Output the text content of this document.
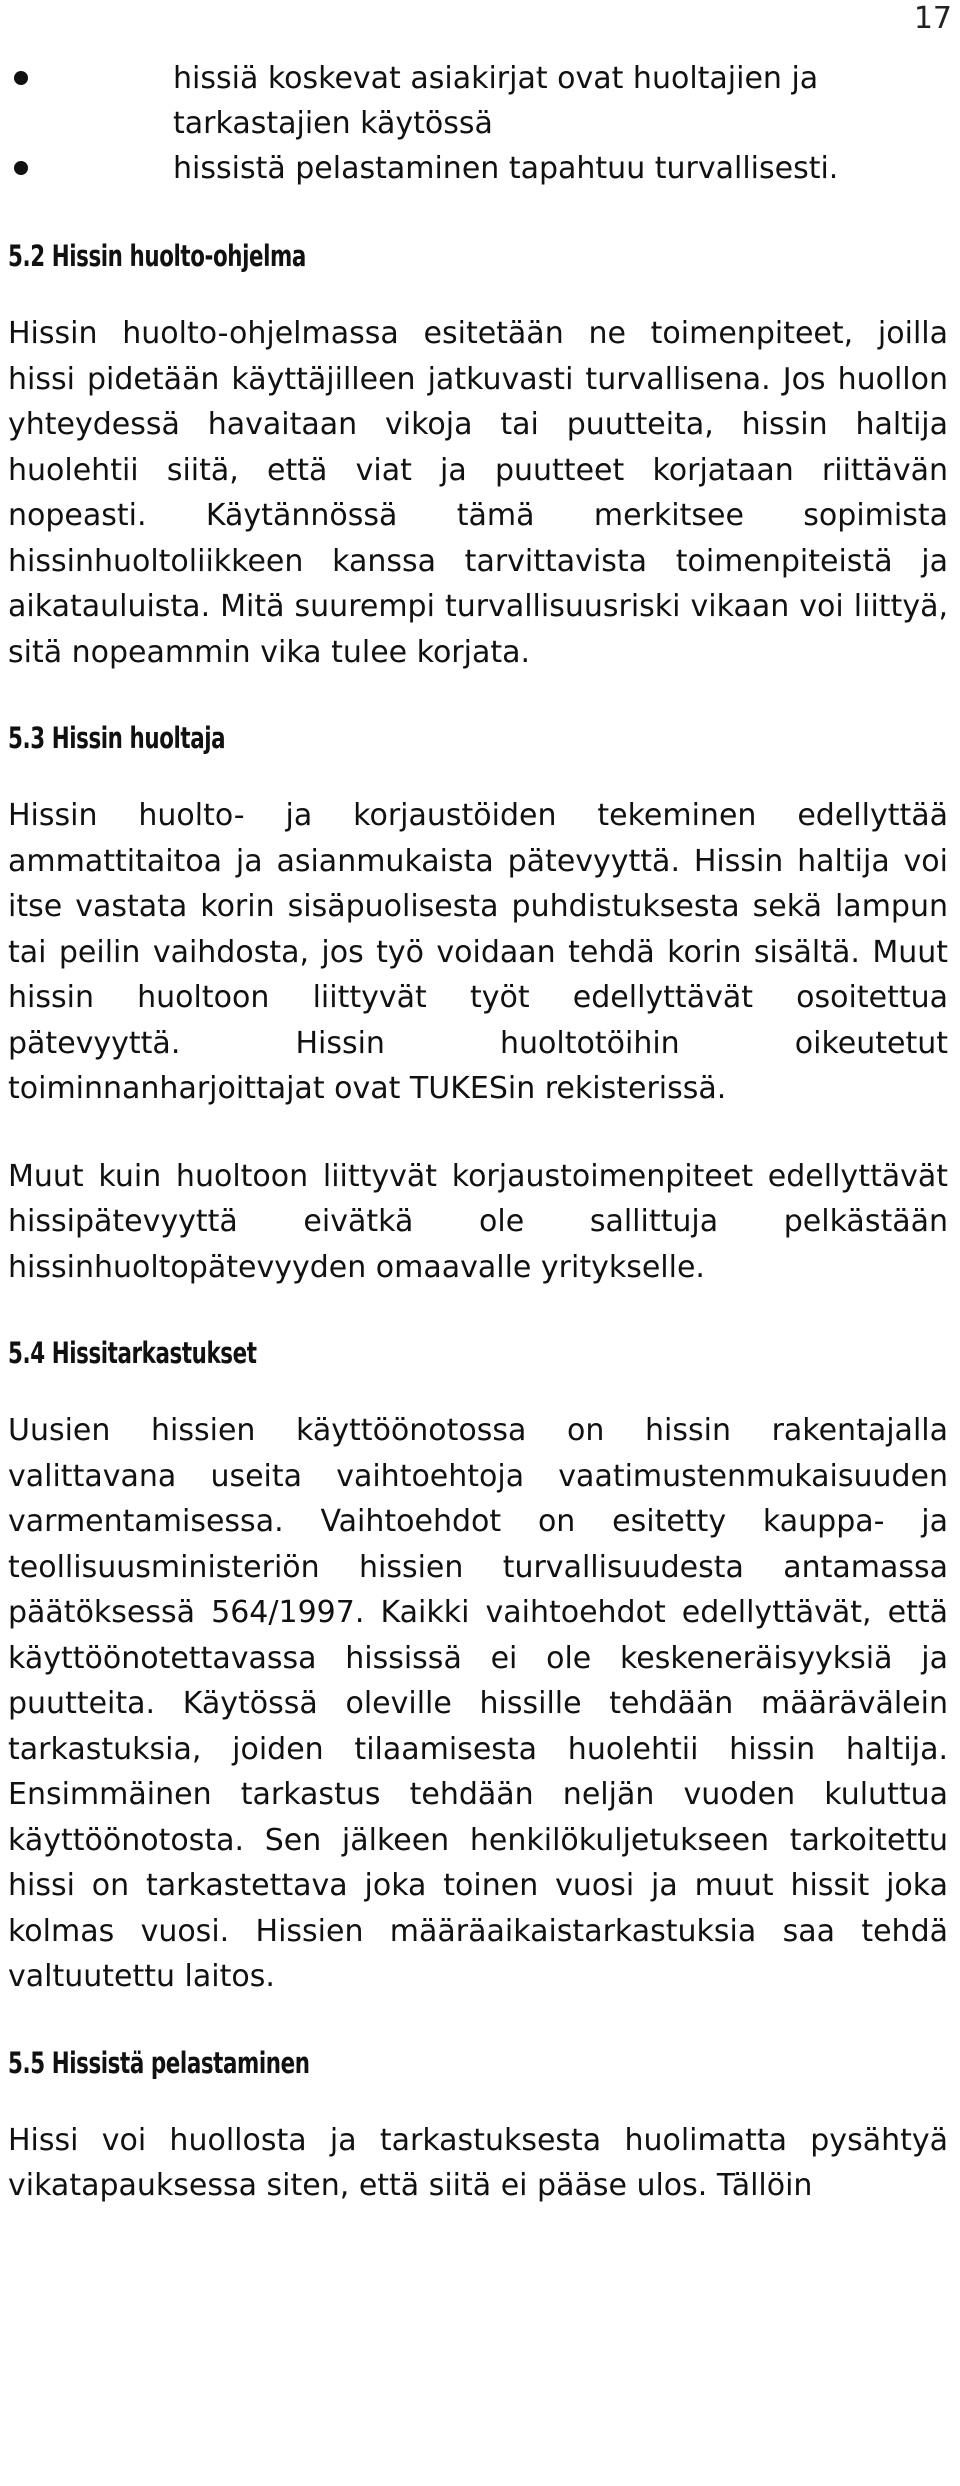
17

hissiä koskevat asiakirjat ovat huoltajien ja tarkastajien käytössä
hissistä pelastaminen tapahtuu turvallisesti.
5.2 Hissin huolto-ohjelma

Hissin huolto-ohjelmassa esitetään ne toimenpiteet, joilla hissi pidetään käyttäjilleen jatkuvasti turvallisena. Jos huollon yhteydessä havaitaan vikoja tai puutteita, hissin haltija huolehtii siitä, että viat ja puutteet korjataan riittävän nopeasti. Käytännössä tämä merkitsee sopimista hissinhuoltoliikkeen kanssa tarvittavista toimenpiteistä ja aikatauluista. Mitä suurempi turvallisuusriski vikaan voi liittyä, sitä nopeammin vika tulee korjata.

5.3 Hissin huoltaja

Hissin huolto- ja korjaustöiden tekeminen edellyttää ammattitaitoa ja asianmukaista pätevyyttä. Hissin haltija voi itse vastata korin sisäpuolisesta puhdistuksesta sekä lampun tai peilin vaihdosta, jos työ voidaan tehdä korin sisältä. Muut hissin huoltoon liittyvät työt edellyttävät osoitettua pätevyyttä. Hissin huoltotöihin oikeutetut toiminnanharjoittajat ovat TUKESin rekisterissä.

Muut kuin huoltoon liittyvät korjaustoimenpiteet edellyttävät hissipätevyyttä eivätkä ole sallittuja pelkästään hissinhuoltopätevyyden omaavalle yritykselle.

5.4 Hissitarkastukset

Uusien hissien käyttöönotossa on hissin rakentajalla valittavana useita vaihtoehtoja vaatimustenmukaisuuden varmentamisessa. Vaihtoehdot on esitetty kauppa- ja teollisuusministeriön hissien turvallisuudesta antamassa päätöksessä 564/1997. Kaikki vaihtoehdot edellyttävät, että käyttöönotettavassa hississä ei ole keskeneräisyyksiä ja puutteita. Käytössä oleville hissille tehdään määrävälein tarkastuksia, joiden tilaamisesta huolehtii hissin haltija. Ensimmäinen tarkastus tehdään neljän vuoden kuluttua käyttöönotosta. Sen jälkeen henkilökuljetukseen tarkoitettu hissi on tarkastettava joka toinen vuosi ja muut hissit joka kolmas vuosi. Hissien määräaikaistarkastuksia saa tehdä valtuutettu laitos.

5.5 Hissistä pelastaminen

Hissi voi huollosta ja tarkastuksesta huolimatta pysähtyä vikatapauksessa siten, että siitä ei pääse ulos. Tällöin
